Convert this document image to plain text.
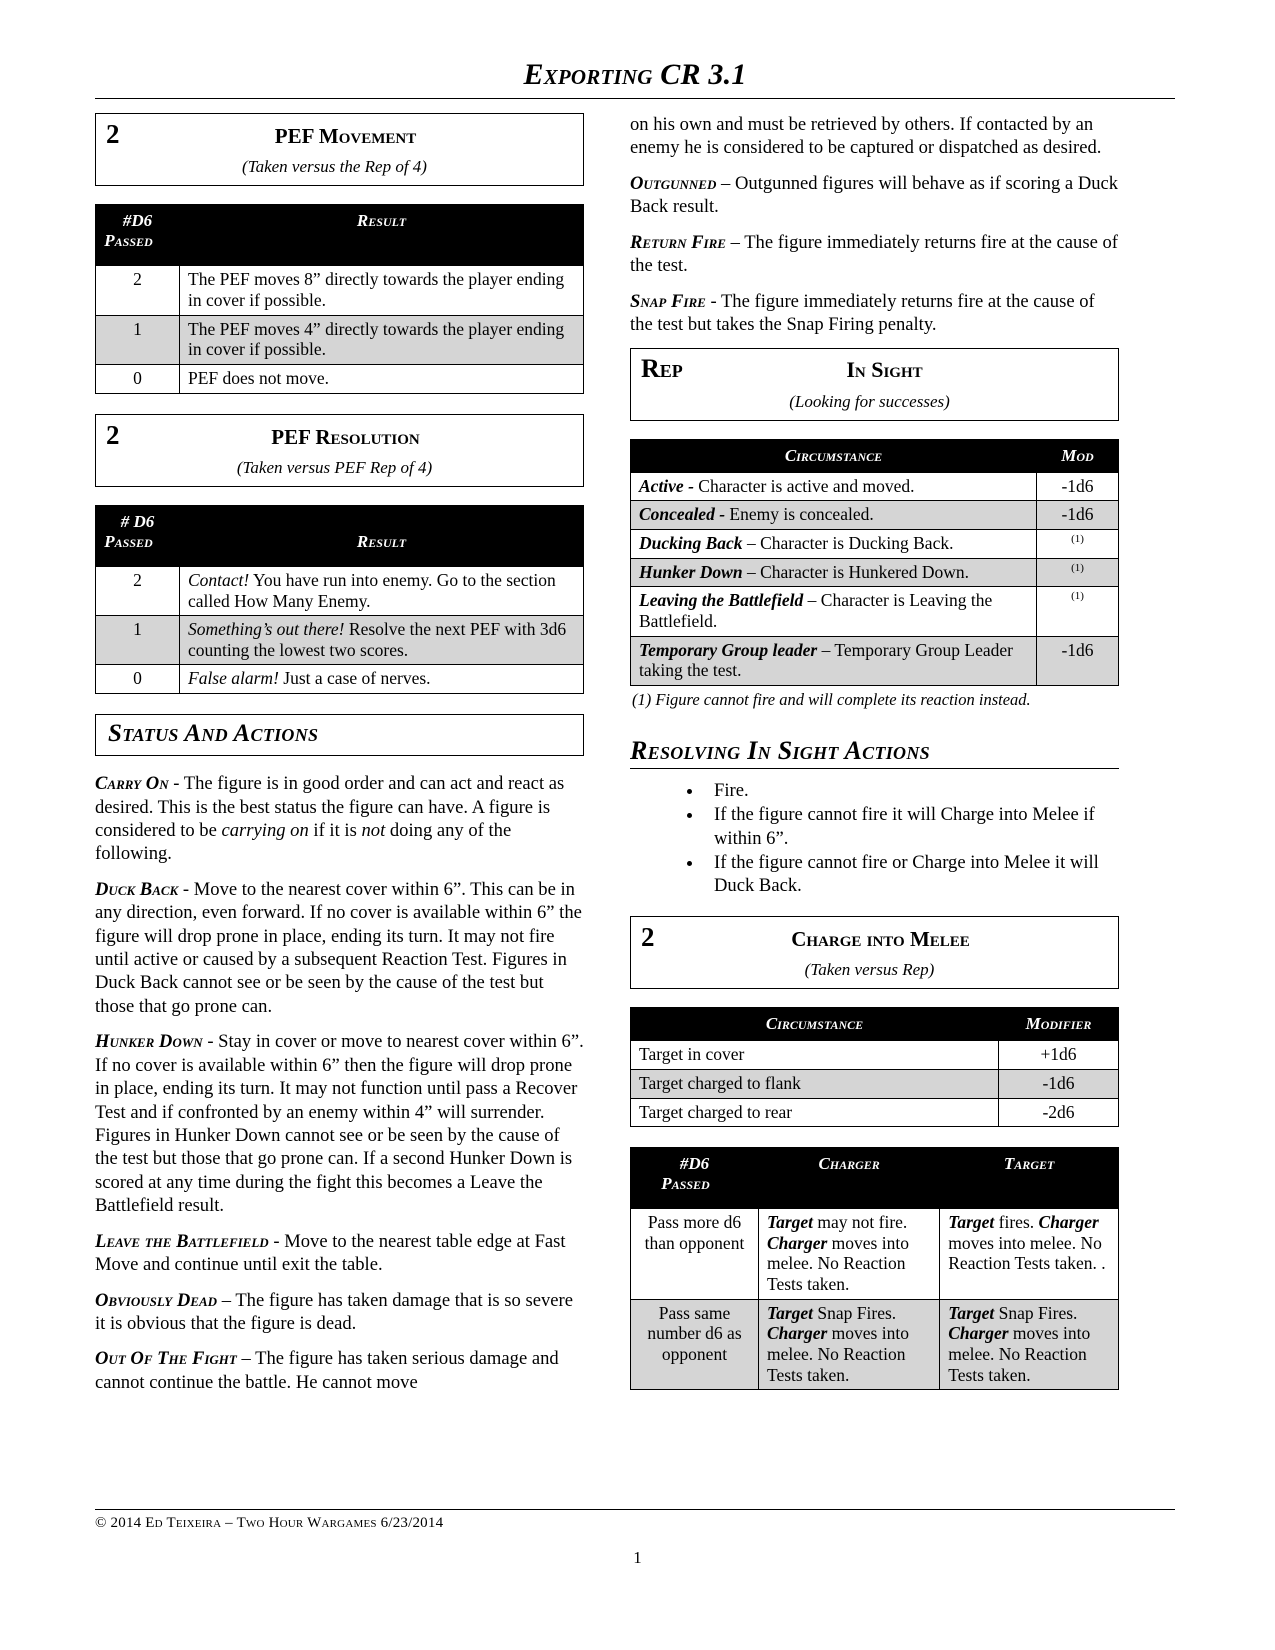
Exporting CR 3.1
2	PEF Movement
(Taken versus the Rep of 4)
#D6
Passed	Result
2	The PEF moves 8” directly towards the player ending in cover if possible.
1	The PEF moves 4” directly towards the player ending in cover if possible.
0	PEF does not move.
2	PEF Resolution
(Taken versus PEF Rep of 4)
# D6
Passed	Result
2	Contact! You have run into enemy. Go to the section called How Many Enemy.
1	Something’s out there! Resolve the next PEF with 3d6 counting the lowest two scores.
0	False alarm! Just a case of nerves.
Status And Actions

Carry On - The figure is in good order and can act and react as desired. This is the best status the figure can have. A figure is considered to be carrying on if it is not doing any of the following.

Duck Back - Move to the nearest cover within 6”. This can be in any direction, even forward. If no cover is available within 6” the figure will drop prone in place, ending its turn. It may not fire until active or caused by a subsequent Reaction Test. Figures in Duck Back cannot see or be seen by the cause of the test but those that go prone can.

Hunker Down - Stay in cover or move to nearest cover within 6”. If no cover is available within 6” then the figure will drop prone in place, ending its turn. It may not function until pass a Recover Test and if confronted by an enemy within 4” will surrender. Figures in Hunker Down cannot see or be seen by the cause of the test but those that go prone can. If a second Hunker Down is scored at any time during the fight this becomes a Leave the Battlefield result.

Leave the Battlefield - Move to the nearest table edge at Fast Move and continue until exit the table.

Obviously Dead – The figure has taken damage that is so severe it is obvious that the figure is dead.

Out Of The Fight – The figure has taken serious damage and cannot continue the battle. He cannot move

on his own and must be retrieved by others. If contacted by an enemy he is considered to be captured or dispatched as desired.

Outgunned – Outgunned figures will behave as if scoring a Duck Back result.

Return Fire – The figure immediately returns fire at the cause of the test.

Snap Fire - The figure immediately returns fire at the cause of the test but takes the Snap Firing penalty.

Rep	In Sight
(Looking for successes)
Circumstance	Mod
Active - Character is active and moved.	-1d6
Concealed - Enemy is concealed.	-1d6
Ducking Back – Character is Ducking Back.	$^{(1)}$
Hunker Down – Character is Hunkered Down.	$^{(1)}$
Leaving the Battlefield – Character is Leaving the Battlefield.	$^{(1)}$
Temporary Group leader – Temporary Group Leader taking the test.	-1d6
(1) Figure cannot fire and will complete its reaction instead.
Resolving In Sight Actions
• Fire.
• If the figure cannot fire it will Charge into Melee if within 6”.
• If the figure cannot fire or Charge into Melee it will Duck Back.
2	Charge into Melee
(Taken versus Rep)
Circumstance	Modifier
Target in cover	+1d6
Target charged to flank	-1d6
Target charged to rear	-2d6
#D6
Passed	Charger	Target
Pass more d6 than opponent	Target may not fire. Charger moves into melee. No Reaction Tests taken.	Target fires. Charger moves into melee. No Reaction Tests taken. .
Pass same number d6 as opponent	Target Snap Fires. Charger moves into melee. No Reaction Tests taken.	Target Snap Fires. Charger moves into melee. No Reaction Tests taken.
© 2014 Ed Teixeira – Two Hour Wargames 6/23/2014
1
